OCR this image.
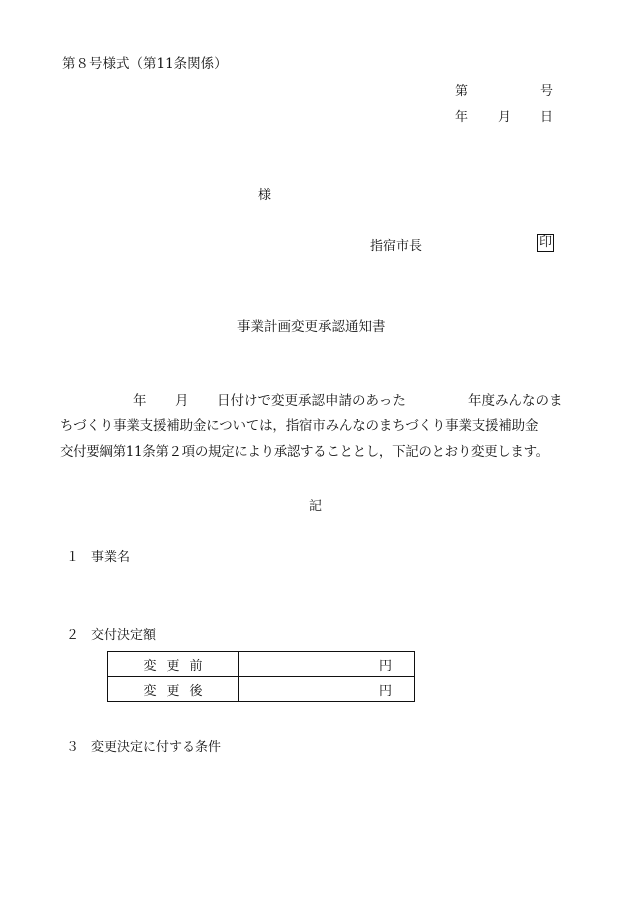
第８号様式（第11条関係）
第	号
年 月 日
様
指宿市長	印
事業計画変更承認通知書
年 月 日付けで変更承認申請のあった	年度みんなのま
ちづくり事業支援補助金については，指宿市みんなのまちづくり事業支援補助金
交付要綱第11条第２項の規定により承認することとし，下記のとおり変更します。
記
１ 事業名
２ 交付決定額
変更前	円
変更後	円
３ 変更決定に付する条件
